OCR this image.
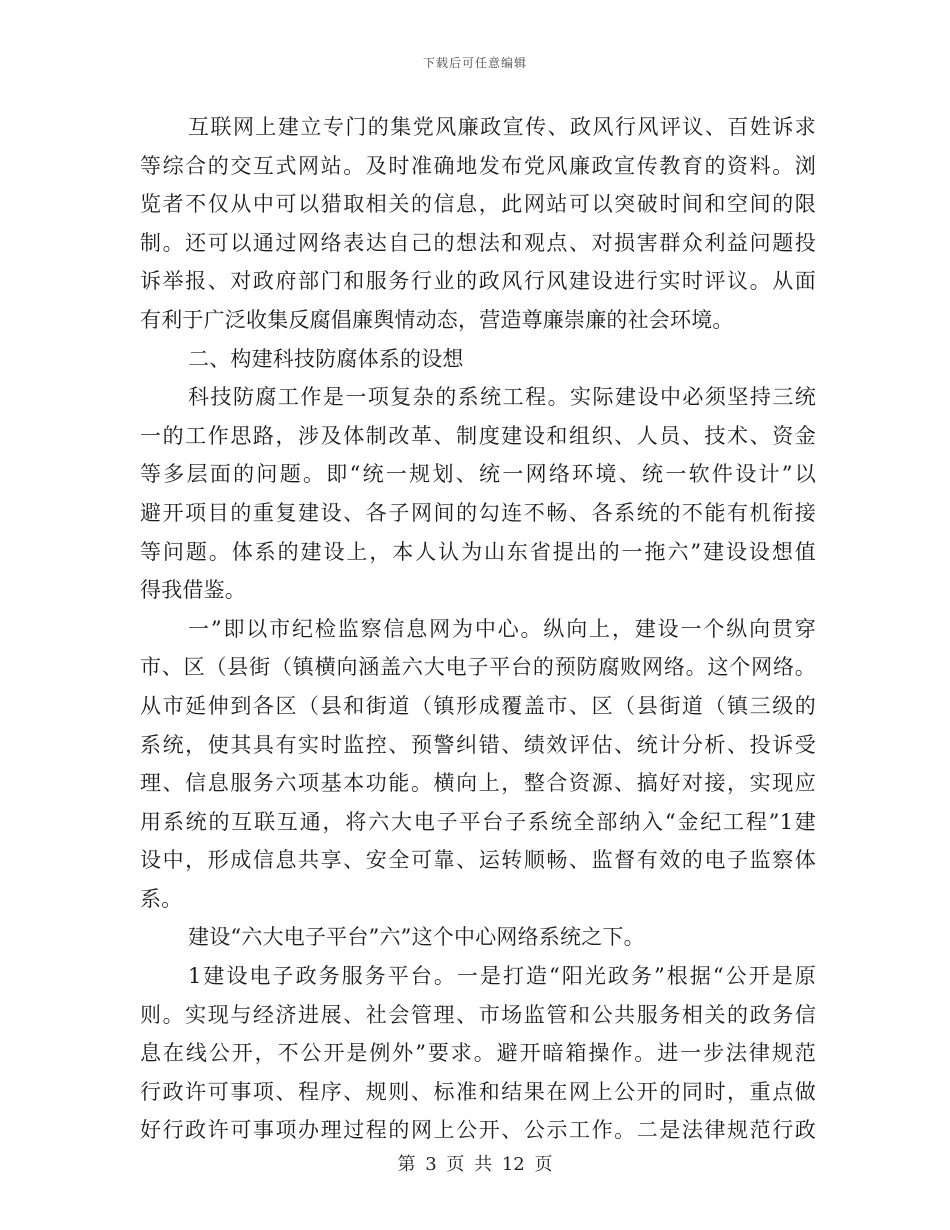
下载后可任意编辑
互联网上建立专门的集党风廉政宣传、政风行风评议、百姓诉求
等综合的交互式网站。及时准确地发布党风廉政宣传教育的资料。浏
览者不仅从中可以猎取相关的信息，此网站可以突破时间和空间的限
制。还可以通过网络表达自己的想法和观点、对损害群众利益问题投
诉举报、对政府部门和服务行业的政风行风建设进行实时评议。从面
有利于广泛收集反腐倡廉舆情动态，营造尊廉崇廉的社会环境。
二、构建科技防腐体系的设想
科技防腐工作是一项复杂的系统工程。实际建设中必须坚持三统
一的工作思路，涉及体制改革、制度建设和组织、人员、技术、资金
等多层面的问题。即“统一规划、统一网络环境、统一软件设计”以
避开项目的重复建设、各子网间的勾连不畅、各系统的不能有机衔接
等问题。体系的建设上，本人认为山东省提出的一拖六”建设设想值
得我借鉴。
一”即以市纪检监察信息网为中心。纵向上，建设一个纵向贯穿
市、区（县街（镇横向涵盖六大电子平台的预防腐败网络。这个网络。
从市延伸到各区（县和街道（镇形成覆盖市、区（县街道（镇三级的
系统，使其具有实时监控、预警纠错、绩效评估、统计分析、投诉受
理、信息服务六项基本功能。横向上，整合资源、搞好对接，实现应
用系统的互联互通，将六大电子平台子系统全部纳入“金纪工程”1建
设中，形成信息共享、安全可靠、运转顺畅、监督有效的电子监察体
系。
建设“六大电子平台”六”这个中心网络系统之下。
1建设电子政务服务平台。一是打造“阳光政务”根据“公开是原
则。实现与经济进展、社会管理、市场监管和公共服务相关的政务信
息在线公开，不公开是例外”要求。避开暗箱操作。进一步法律规范
行政许可事项、程序、规则、标准和结果在网上公开的同时，重点做
好行政许可事项办理过程的网上公开、公示工作。二是法律规范行政
第 3 页 共 12 页
